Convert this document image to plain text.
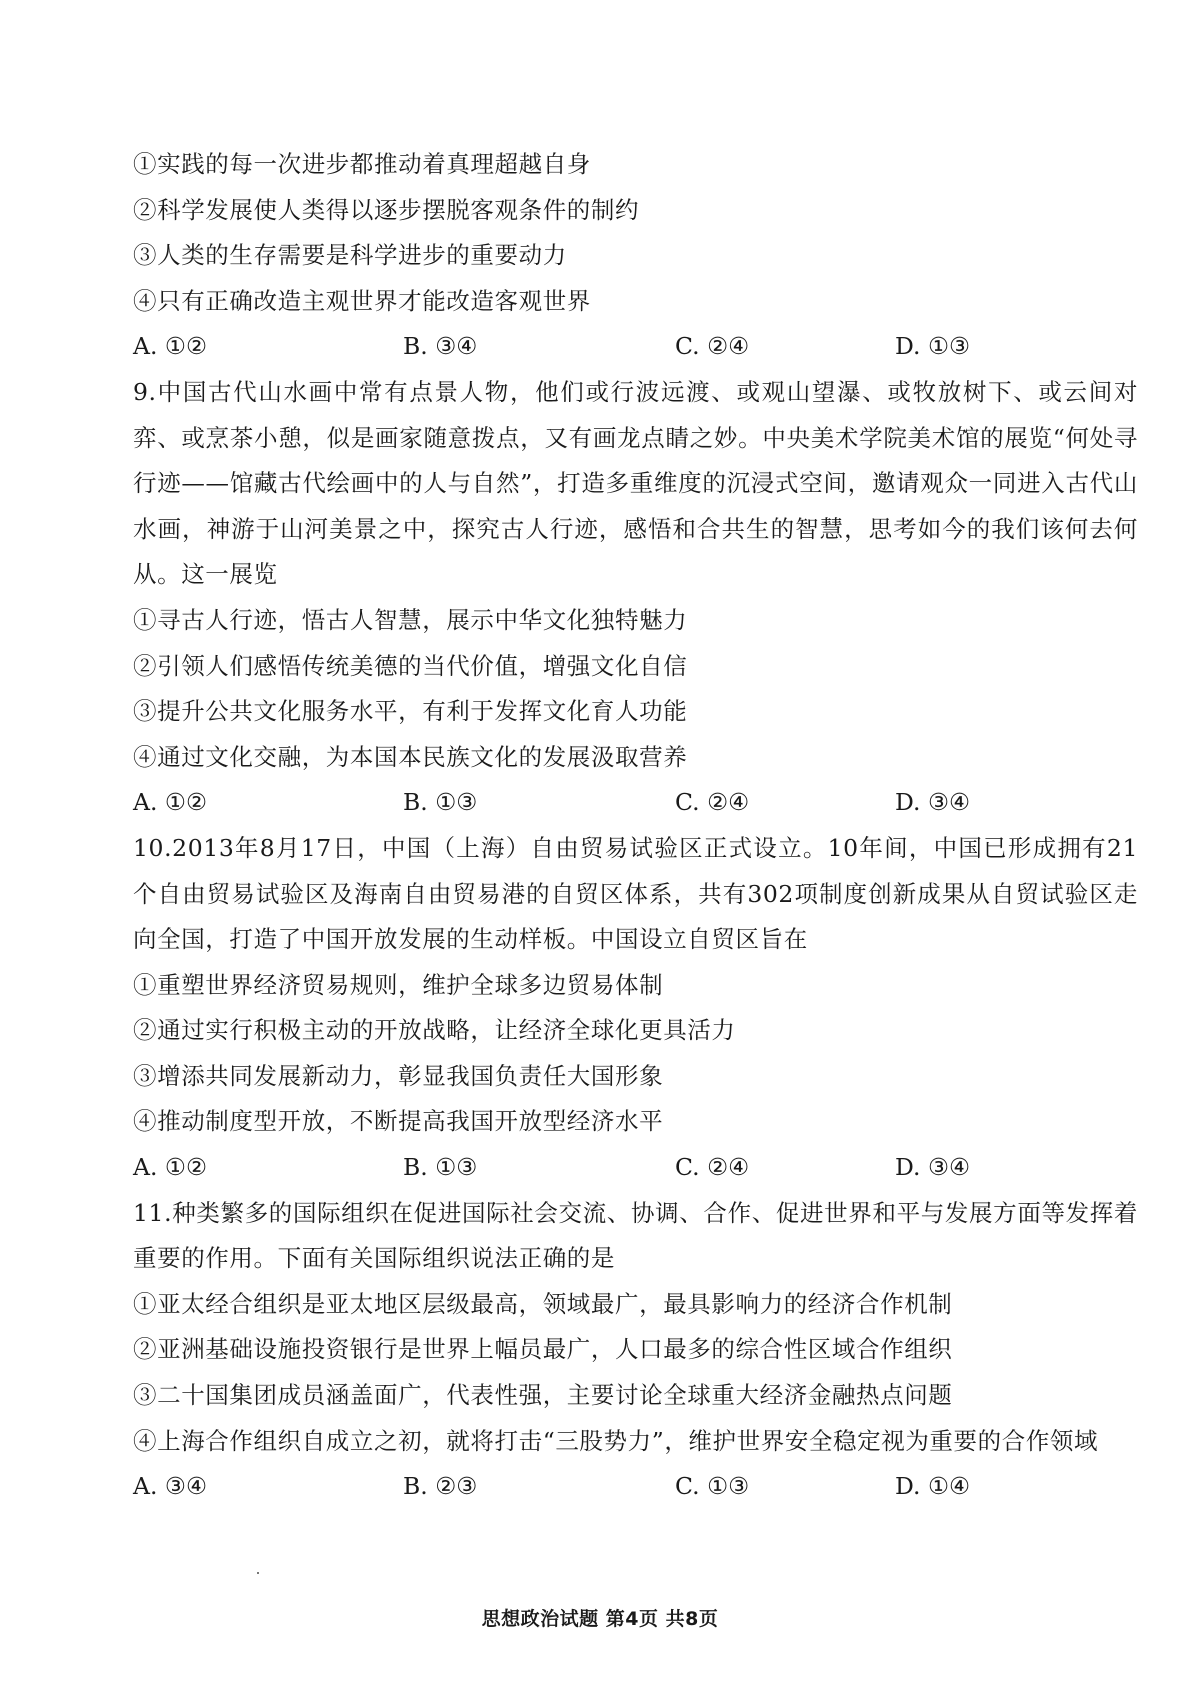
①实践的每一次进步都推动着真理超越自身
②科学发展使人类得以逐步摆脱客观条件的制约
③人类的生存需要是科学进步的重要动力
④只有正确改造主观世界才能改造客观世界
A. ①②	B. ③④	C. ②④	D. ①③
9.中国古代山水画中常有点景人物，他们或行波远渡、或观山望瀑、或牧放树下、或云间对弈、或烹茶小憩，似是画家随意拨点，又有画龙点睛之妙。中央美术学院美术馆的展览“何处寻行迹——馆藏古代绘画中的人与自然”，打造多重维度的沉浸式空间，邀请观众一同进入古代山水画，神游于山河美景之中，探究古人行迹，感悟和合共生的智慧，思考如今的我们该何去何从。这一展览
①寻古人行迹，悟古人智慧，展示中华文化独特魅力
②引领人们感悟传统美德的当代价值，增强文化自信
③提升公共文化服务水平，有利于发挥文化育人功能
④通过文化交融，为本国本民族文化的发展汲取营养
A. ①②	B. ①③	C. ②④	D. ③④
10.2013年8月17日，中国（上海）自由贸易试验区正式设立。10年间，中国已形成拥有21个自由贸易试验区及海南自由贸易港的自贸区体系，共有302项制度创新成果从自贸试验区走向全国，打造了中国开放发展的生动样板。中国设立自贸区旨在
①重塑世界经济贸易规则，维护全球多边贸易体制
②通过实行积极主动的开放战略，让经济全球化更具活力
③增添共同发展新动力，彰显我国负责任大国形象
④推动制度型开放，不断提高我国开放型经济水平
A. ①②	B. ①③	C. ②④	D. ③④
11.种类繁多的国际组织在促进国际社会交流、协调、合作、促进世界和平与发展方面等发挥着重要的作用。下面有关国际组织说法正确的是
①亚太经合组织是亚太地区层级最高，领域最广，最具影响力的经济合作机制
②亚洲基础设施投资银行是世界上幅员最广，人口最多的综合性区域合作组织
③二十国集团成员涵盖面广，代表性强，主要讨论全球重大经济金融热点问题
④上海合作组织自成立之初，就将打击“三股势力”，维护世界安全稳定视为重要的合作领域
A. ③④	B. ②③	C. ①③	D. ①④
思想政治试题 第4页 共8页
